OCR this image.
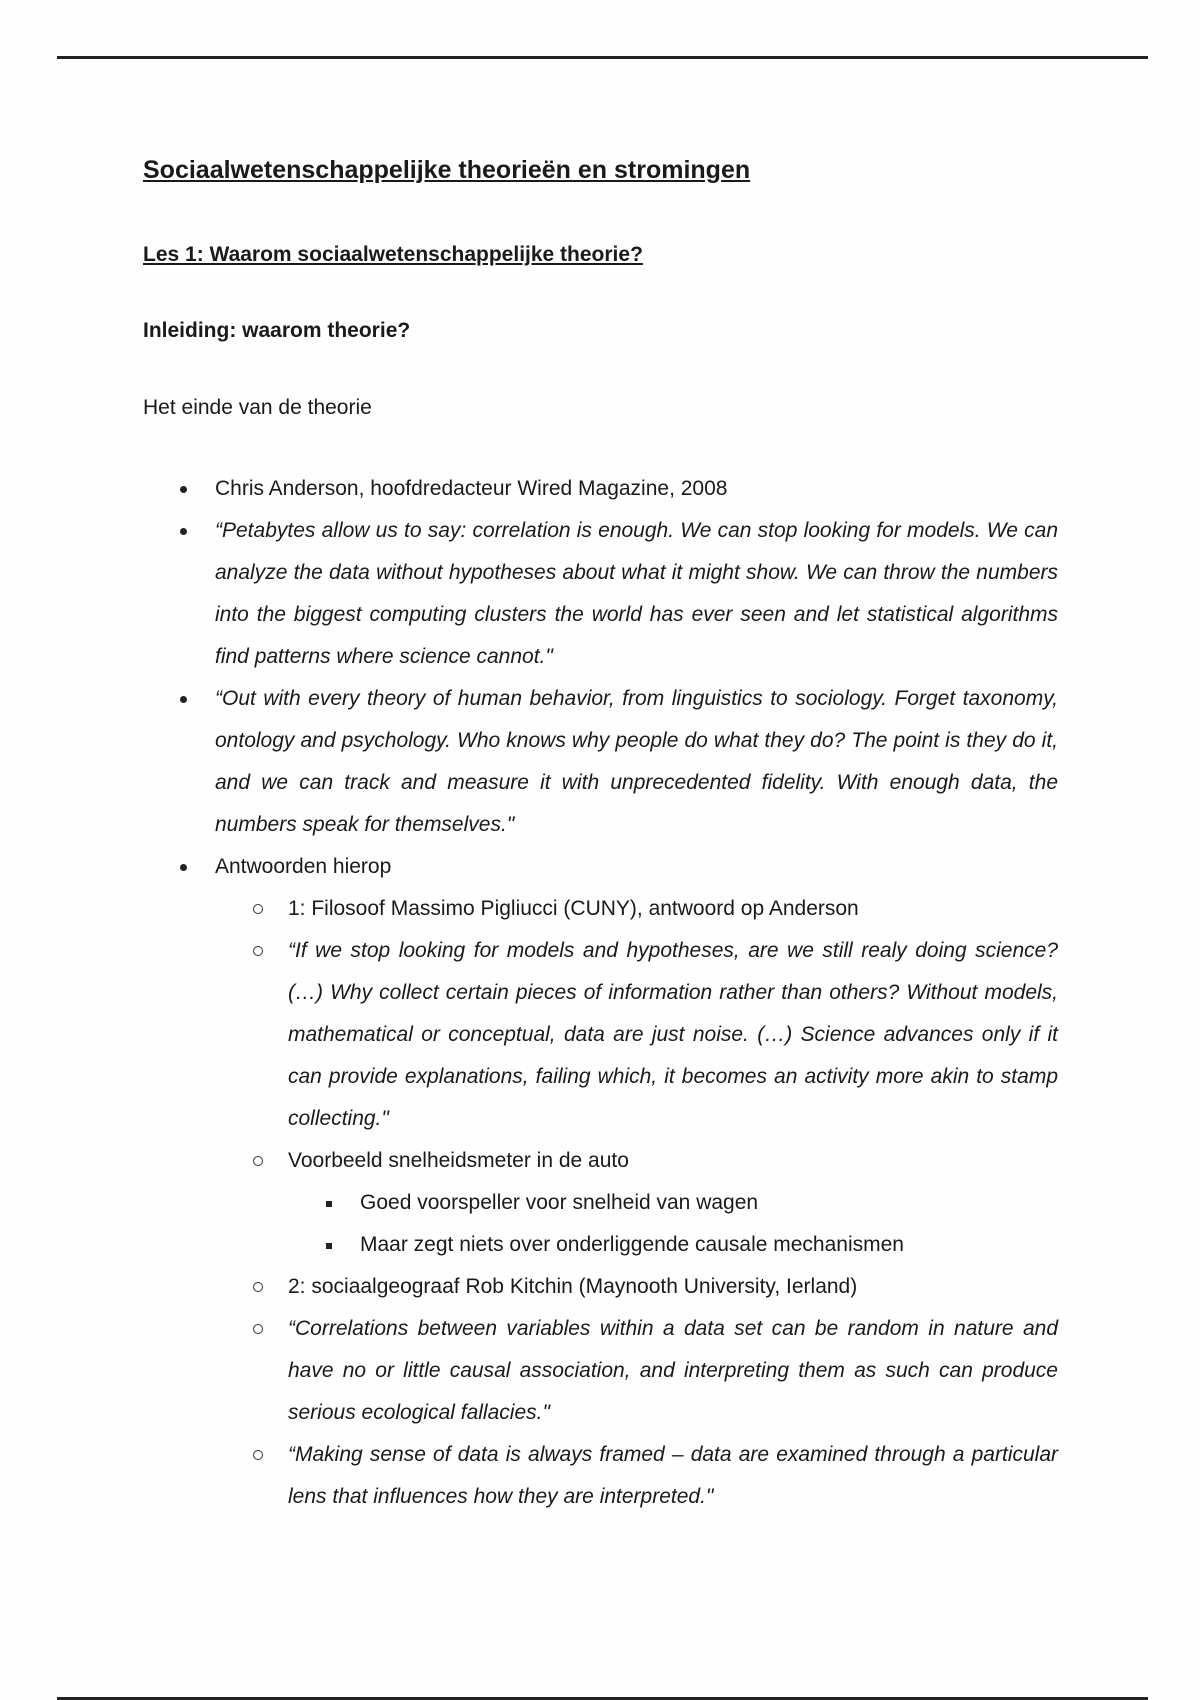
Sociaalwetenschappelijke theorieën en stromingen
Les 1: Waarom sociaalwetenschappelijke theorie?
Inleiding: waarom theorie?

Het einde van de theorie

Chris Anderson, hoofdredacteur Wired Magazine, 2008
“Petabytes allow us to say: correlation is enough. We can stop looking for models. We can analyze the data without hypotheses about what it might show. We can throw the numbers into the biggest computing clusters the world has ever seen and let statistical algorithms find patterns where science cannot."
“Out with every theory of human behavior, from linguistics to sociology. Forget taxonomy, ontology and psychology. Who knows why people do what they do? The point is they do it, and we can track and measure it with unprecedented fidelity. With enough data, the numbers speak for themselves."
Antwoorden hierop
1: Filosoof Massimo Pigliucci (CUNY), antwoord op Anderson
“If we stop looking for models and hypotheses, are we still realy doing science? (…) Why collect certain pieces of information rather than others? Without models, mathematical or conceptual, data are just noise. (…) Science advances only if it can provide explanations, failing which, it becomes an activity more akin to stamp collecting."
Voorbeeld snelheidsmeter in de auto
Goed voorspeller voor snelheid van wagen
Maar zegt niets over onderliggende causale mechanismen
2: sociaalgeograaf Rob Kitchin (Maynooth University, Ierland)
“Correlations between variables within a data set can be random in nature and have no or little causal association, and interpreting them as such can produce serious ecological fallacies."
“Making sense of data is always framed – data are examined through a particular lens that influences how they are interpreted."
